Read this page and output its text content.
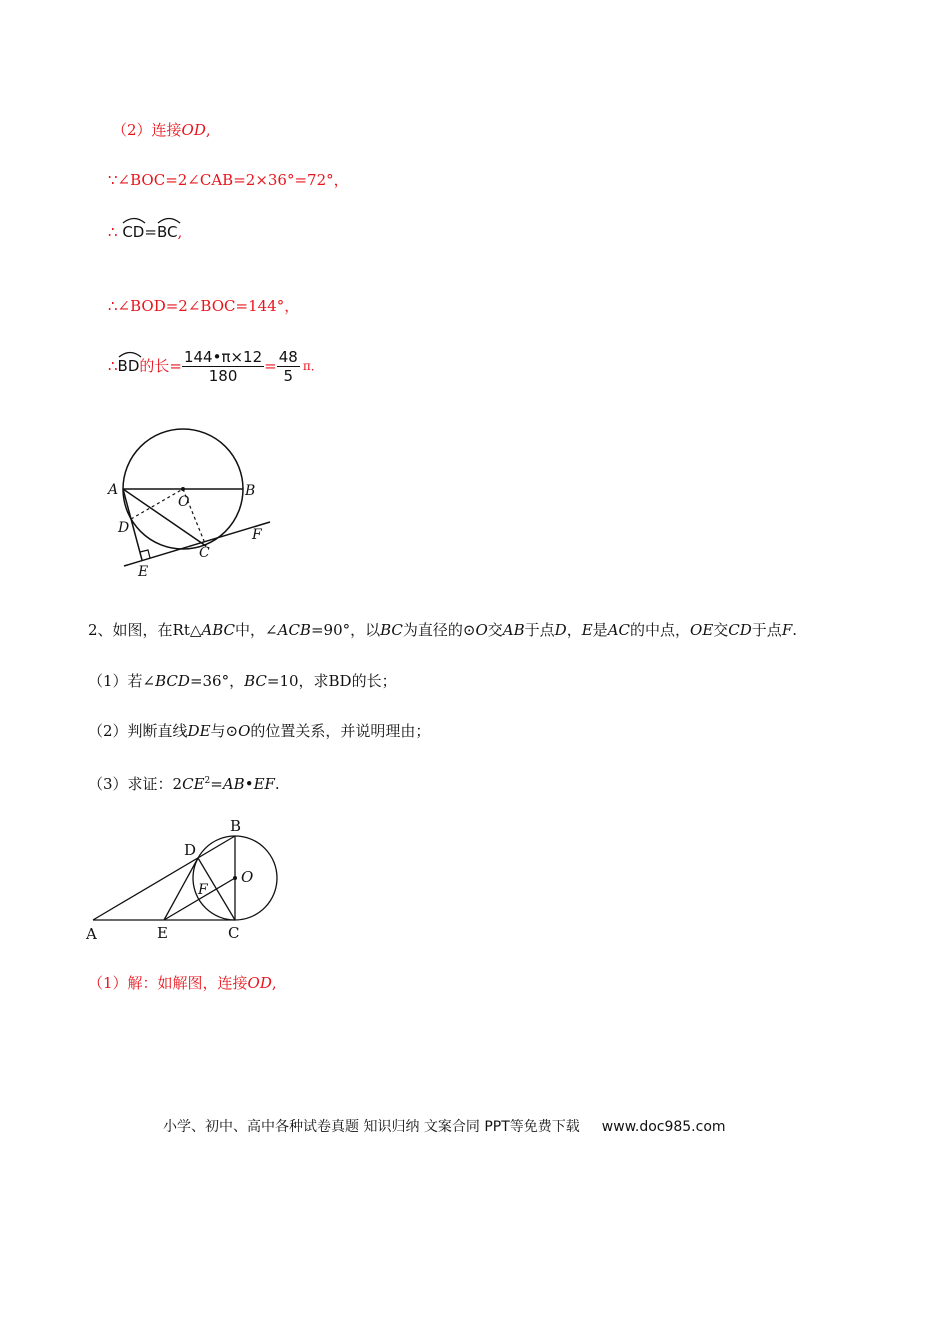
（2）连接OD,
∵∠BOC=2∠CAB=2×36°=72°，
∴ CD=
BC,
∴∠BOD=2∠BOC=144°，
∴ BD 的长= $\frac{144•\pi\times 12}{180} = \frac{48}{5}$ π．
A	B
O
D
C
E
F
2、如图，在Rt△ABC中，∠ACB=90°，以BC为直径的⊙O交AB于点D，E是AC的中点，OE交CD于点F.
（1）若∠BCD=36°，BC=10，求BD的长；
（2）判断直线DE与⊙O的位置关系，并说明理由；
（3）求证：$2CE^2=AB•EF$.
B
D
F
O
A	E	C
（1）解：如解图，连接OD,
小学、初中、高中各种试卷真题 知识归纳 文案合同 PPT等免费下载 www.doc985.com
